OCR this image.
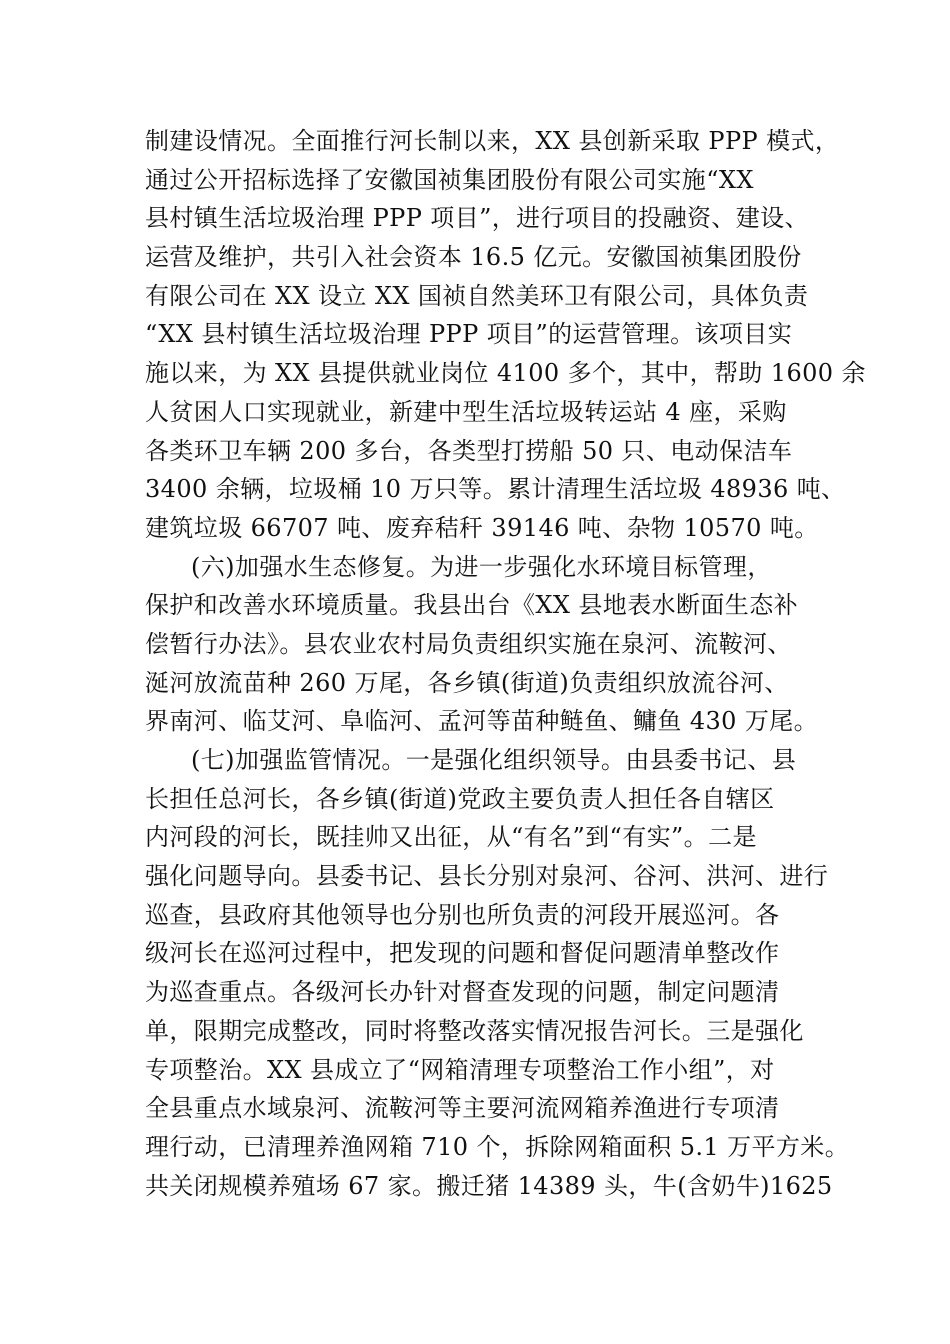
制建设情况。全面推行河长制以来，XX 县创新采取 PPP 模式，
通过公开招标选择了安徽国祯集团股份有限公司实施“XX
县村镇生活垃圾治理 PPP 项目”，进行项目的投融资、建设、
运营及维护，共引入社会资本 16.5 亿元。安徽国祯集团股份
有限公司在 XX 设立 XX 国祯自然美环卫有限公司，具体负责
“XX 县村镇生活垃圾治理 PPP 项目”的运营管理。该项目实
施以来，为 XX 县提供就业岗位 4100 多个，其中，帮助 1600 余
人贫困人口实现就业，新建中型生活垃圾转运站 4 座，采购
各类环卫车辆 200 多台，各类型打捞船 50 只、电动保洁车
3400 余辆，垃圾桶 10 万只等。累计清理生活垃圾 48936 吨、
建筑垃圾 66707 吨、废弃秸秆 39146 吨、杂物 10570 吨。
(六)加强水生态修复。为进一步强化水环境目标管理，
保护和改善水环境质量。我县出台《XX 县地表水断面生态补
偿暂行办法》。县农业农村局负责组织实施在泉河、流鞍河、
涎河放流苗种 260 万尾，各乡镇(街道)负责组织放流谷河、
界南河、临艾河、阜临河、孟河等苗种鲢鱼、鳙鱼 430 万尾。
(七)加强监管情况。一是强化组织领导。由县委书记、县
长担任总河长，各乡镇(街道)党政主要负责人担任各自辖区
内河段的河长，既挂帅又出征，从“有名”到“有实”。二是
强化问题导向。县委书记、县长分别对泉河、谷河、洪河、进行
巡查，县政府其他领导也分别也所负责的河段开展巡河。各
级河长在巡河过程中，把发现的问题和督促问题清单整改作
为巡查重点。各级河长办针对督查发现的问题，制定问题清
单，限期完成整改，同时将整改落实情况报告河长。三是强化
专项整治。XX 县成立了“网箱清理专项整治工作小组”，对
全县重点水域泉河、流鞍河等主要河流网箱养渔进行专项清
理行动，已清理养渔网箱 710 个，拆除网箱面积 5.1 万平方米。
共关闭规模养殖场 67 家。搬迁猪 14389 头，牛(含奶牛)1625
